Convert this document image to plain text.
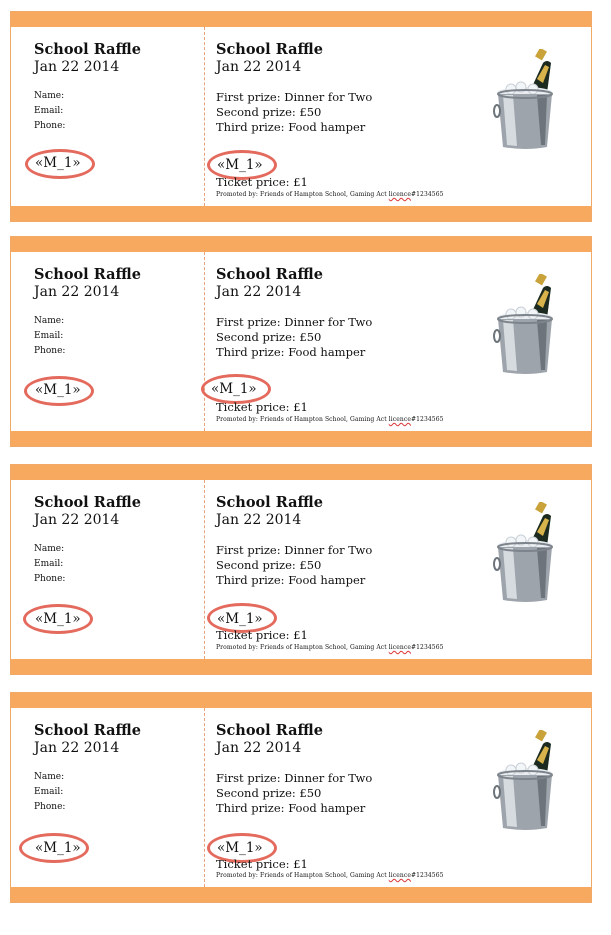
School Raffle
Jan 22 2014
Name:
Email:
Phone:
«M_1»
School Raffle
Jan 22 2014
First prize: Dinner for Two
Second prize: £50
Third prize: Food hamper
«M_1»
Ticket price: £1
Promoted by: Friends of Hampton School, Gaming Act licence#1234565
School Raffle
Jan 22 2014
Name:
Email:
Phone:
«M_1»
School Raffle
Jan 22 2014
First prize: Dinner for Two
Second prize: £50
Third prize: Food hamper
«M_1»
Ticket price: £1
Promoted by: Friends of Hampton School, Gaming Act licence#1234565
School Raffle
Jan 22 2014
Name:
Email:
Phone:
«M_1»
School Raffle
Jan 22 2014
First prize: Dinner for Two
Second prize: £50
Third prize: Food hamper
«M_1»
Ticket price: £1
Promoted by: Friends of Hampton School, Gaming Act licence#1234565
School Raffle
Jan 22 2014
Name:
Email:
Phone:
«M_1»
School Raffle
Jan 22 2014
First prize: Dinner for Two
Second prize: £50
Third prize: Food hamper
«M_1»
Ticket price: £1
Promoted by: Friends of Hampton School, Gaming Act licence#1234565
